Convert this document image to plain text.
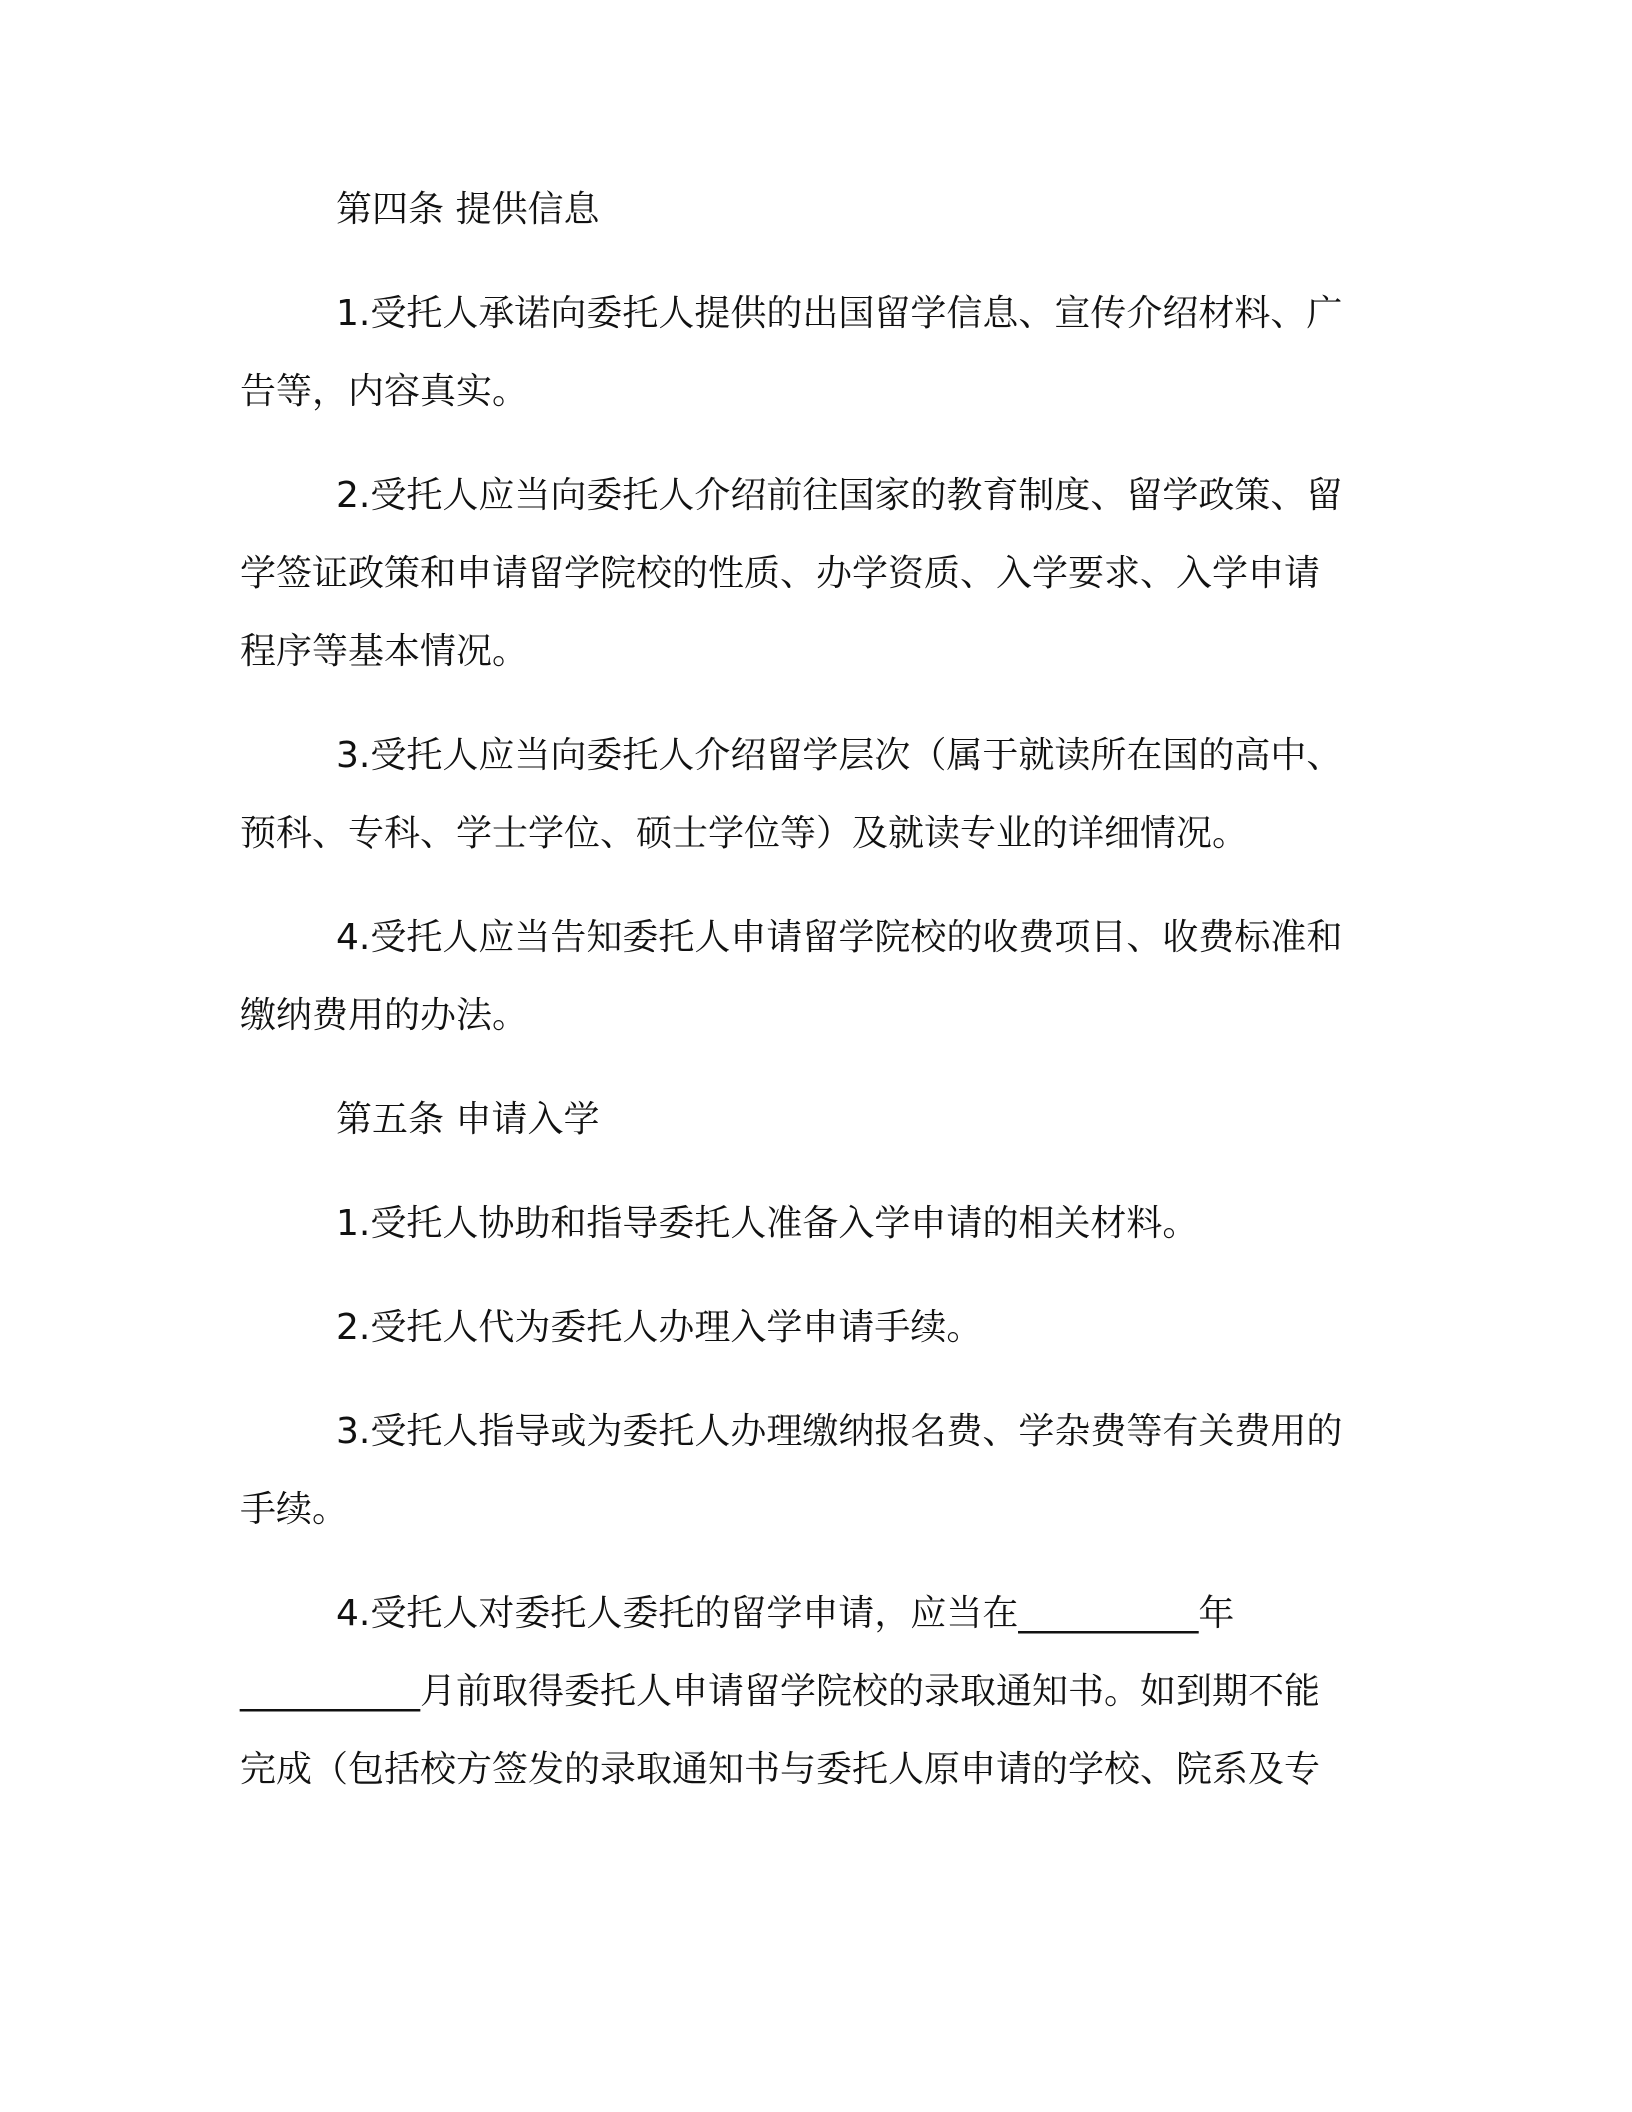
第四条 提供信息

1.受托人承诺向委托人提供的出国留学信息、宣传介绍材料、广

告等，内容真实。

2.受托人应当向委托人介绍前往国家的教育制度、留学政策、留

学签证政策和申请留学院校的性质、办学资质、入学要求、入学申请

程序等基本情况。

3.受托人应当向委托人介绍留学层次（属于就读所在国的高中、

预科、专科、学士学位、硕士学位等）及就读专业的详细情况。

4.受托人应当告知委托人申请留学院校的收费项目、收费标准和

缴纳费用的办法。

第五条 申请入学

1.受托人协助和指导委托人准备入学申请的相关材料。

2.受托人代为委托人办理入学申请手续。

3.受托人指导或为委托人办理缴纳报名费、学杂费等有关费用的

手续。

4.受托人对委托人委托的留学申请，应当在__________年

__________月前取得委托人申请留学院校的录取通知书。如到期不能

完成（包括校方签发的录取通知书与委托人原申请的学校、院系及专
